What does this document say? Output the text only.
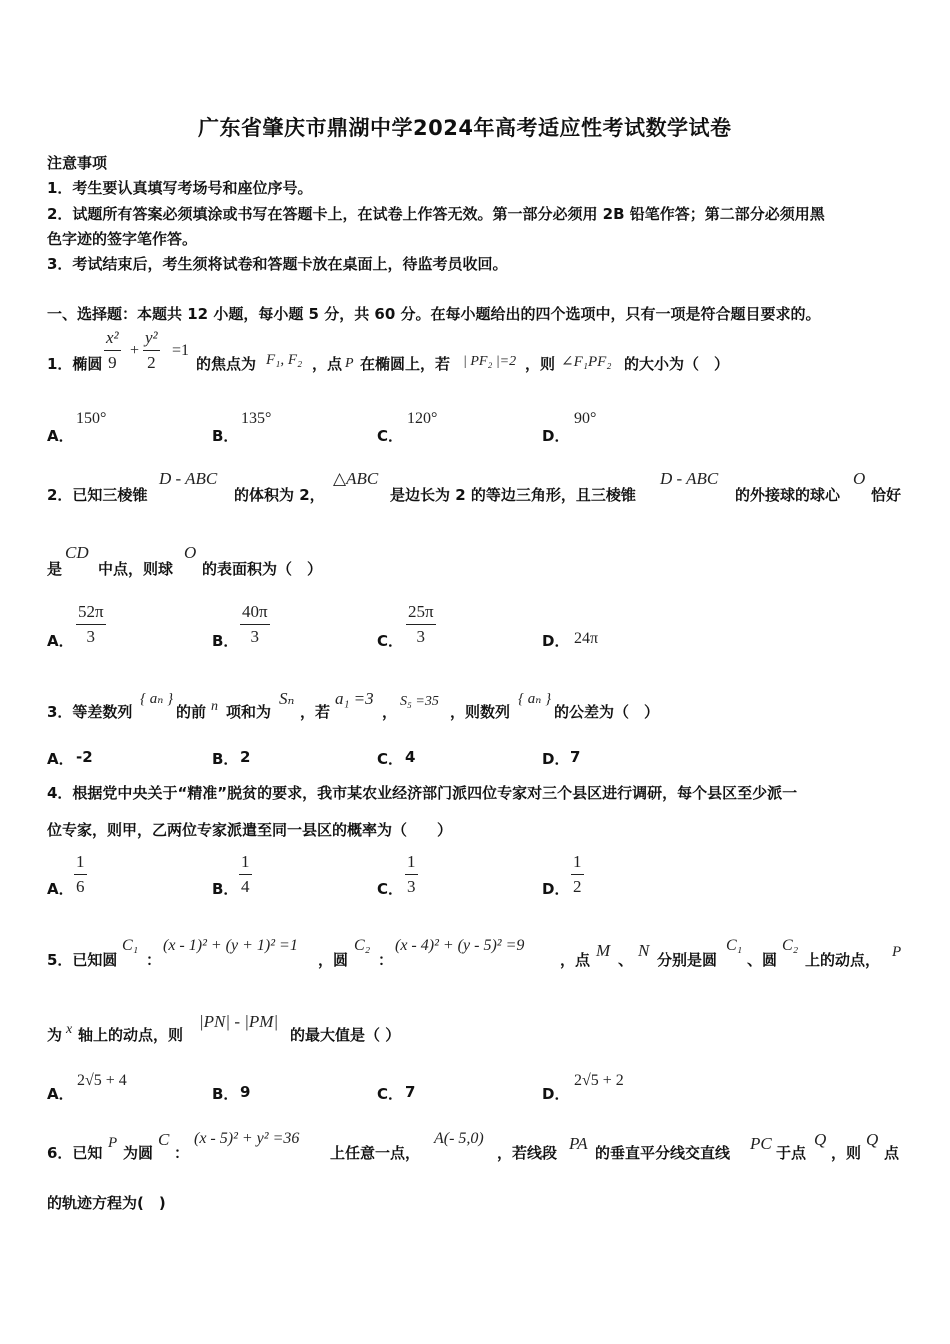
广东省肇庆市鼎湖中学2024年高考适应性考试数学试卷
注意事项
1．考生要认真填写考场号和座位序号。
2．试题所有答案必须填涂或书写在答题卡上，在试卷上作答无效。第一部分必须用 2B 铅笔作答；第二部分必须用黑
色字迹的签字笔作答。
3．考试结束后，考生须将试卷和答题卡放在桌面上，待监考员收回。
一、选择题：本题共 12 小题，每小题 5 分，共 60 分。在每小题给出的四个选项中，只有一项是符合题目要求的。
1．椭圆
x²
9
+
y²
2
=1
的焦点为 F₁, F₂ ，点 P 在椭圆上，若 | PF₂ |=2 ，则 ∠F₁PF₂ 的大小为（　）
A．
150°
B．
135°
C．
120°
D．
90°
2．已知三棱锥
D - ABC
的体积为 2，
△ABC
是边长为 2 的等边三角形，且三棱锥
D - ABC
的外接球的球心
O
恰好
是
CD
中点，则球
O
的表面积为（　）
A．
52π
3	B．
40π
3	C．
25π
3	D． 24π
3．等差数列
{ aₙ }
的前 n 项和为
Sₙ
，若
a₁ =3
，
S₅ =35
，则数列
{ aₙ }
的公差为（　）
A． -2	B． 2	C． 4	D． 7
4．根据党中央关于“精准”脱贫的要求，我市某农业经济部门派四位专家对三个县区进行调研，每个县区至少派一
位专家，则甲，乙两位专家派遣至同一县区的概率为（　　）
A．
1
6	B．
1
4	C．
1
3	D．
1
2
5．已知圆
C₁
：
(x - 1)² + (y + 1)² =1
，圆
C₂
：
(x - 4)² + (y - 5)² =9
，点 M 、 N 分别是圆
C₁
、圆
C₂
上的动点， P
为 x 轴上的动点，则
|PN| - |PM|
的最大值是（ ）
A．
2√5 + 4
B． 9	C． 7	D．
2√5 + 2
6．已知
P
为圆
C
：
(x - 5)² + y² =36
上任意一点，
A(- 5,0)
，若线段 PA 的垂直平分线交直线 PC 于点
Q
，则
Q
点
的轨迹方程为(　)
